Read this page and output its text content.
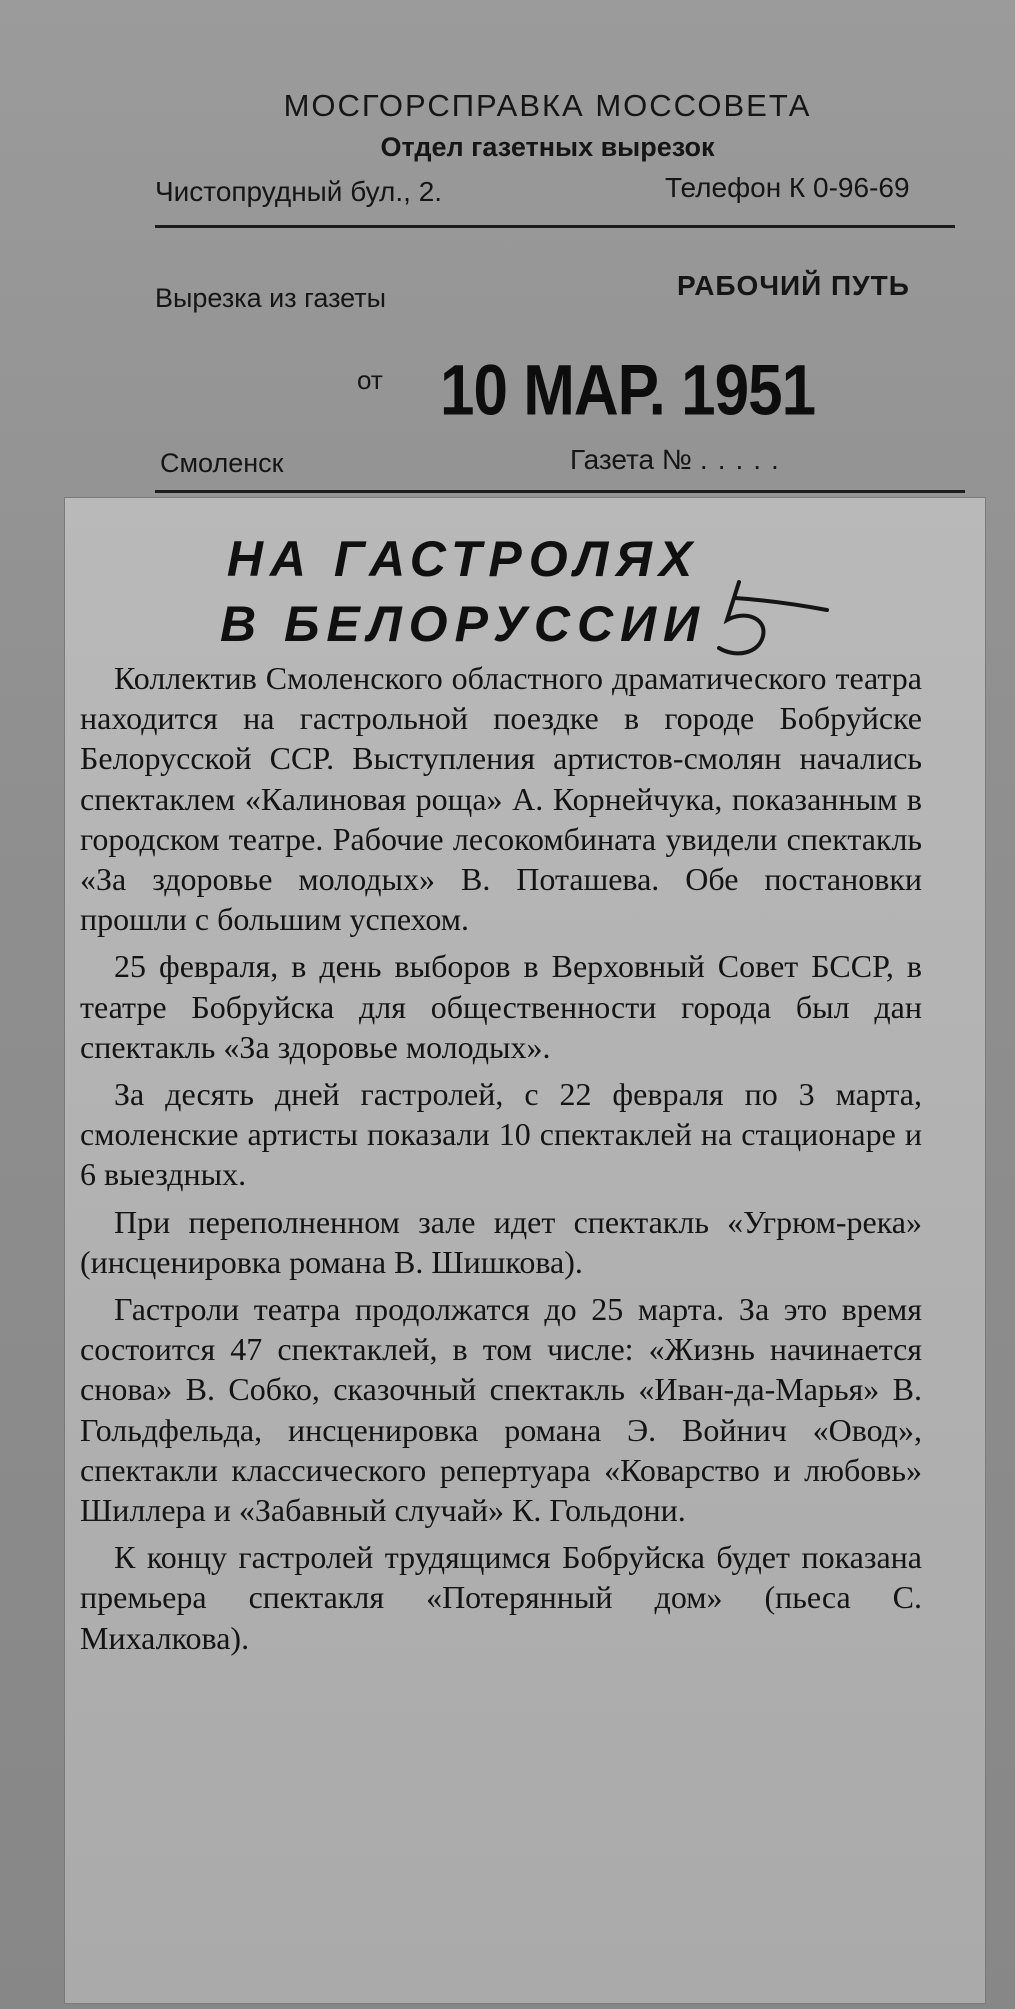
МОСГОРСПРАВКА МОССОВЕТА
Отдел газетных вырезок
Чистопрудный бул., 2.	Телефон К 0-96-69
Вырезка из газеты	РАБОЧИЙ ПУТЬ
от 10 МАР. 1951
Смоленск	Газета № .....
НА ГАСТРОЛЯХ
В БЕЛОРУССИИ

Коллектив Смоленского областного драматического театра находится на гастрольной поездке в городе Бобруйске Белорусской ССР. Выступления артистов-смолян начались спектаклем «Калиновая роща» А. Корнейчука, показанным в городском театре. Рабочие лесокомбината увидели спектакль «За здоровье молодых» В. Поташева. Обе постановки прошли с большим успехом.

25 февраля, в день выборов в Верховный Совет БССР, в театре Бобруйска для общественности города был дан спектакль «За здоровье молодых».

За десять дней гастролей, с 22 февраля по 3 марта, смоленские артисты показали 10 спектаклей на стационаре и 6 выездных.

При переполненном зале идет спектакль «Угрюм-река» (инсценировка романа В. Шишкова).

Гастроли театра продолжатся до 25 марта. За это время состоится 47 спектаклей, в том числе: «Жизнь начинается снова» В. Собко, сказочный спектакль «Иван-да-Марья» В. Гольдфельда, инсценировка романа Э. Войнич «Овод», спектакли классического репертуара «Коварство и любовь» Шиллера и «Забавный случай» К. Гольдони.

К концу гастролей трудящимся Бобруйска будет показана премьера спектакля «Потерянный дом» (пьеса С. Михалкова).
